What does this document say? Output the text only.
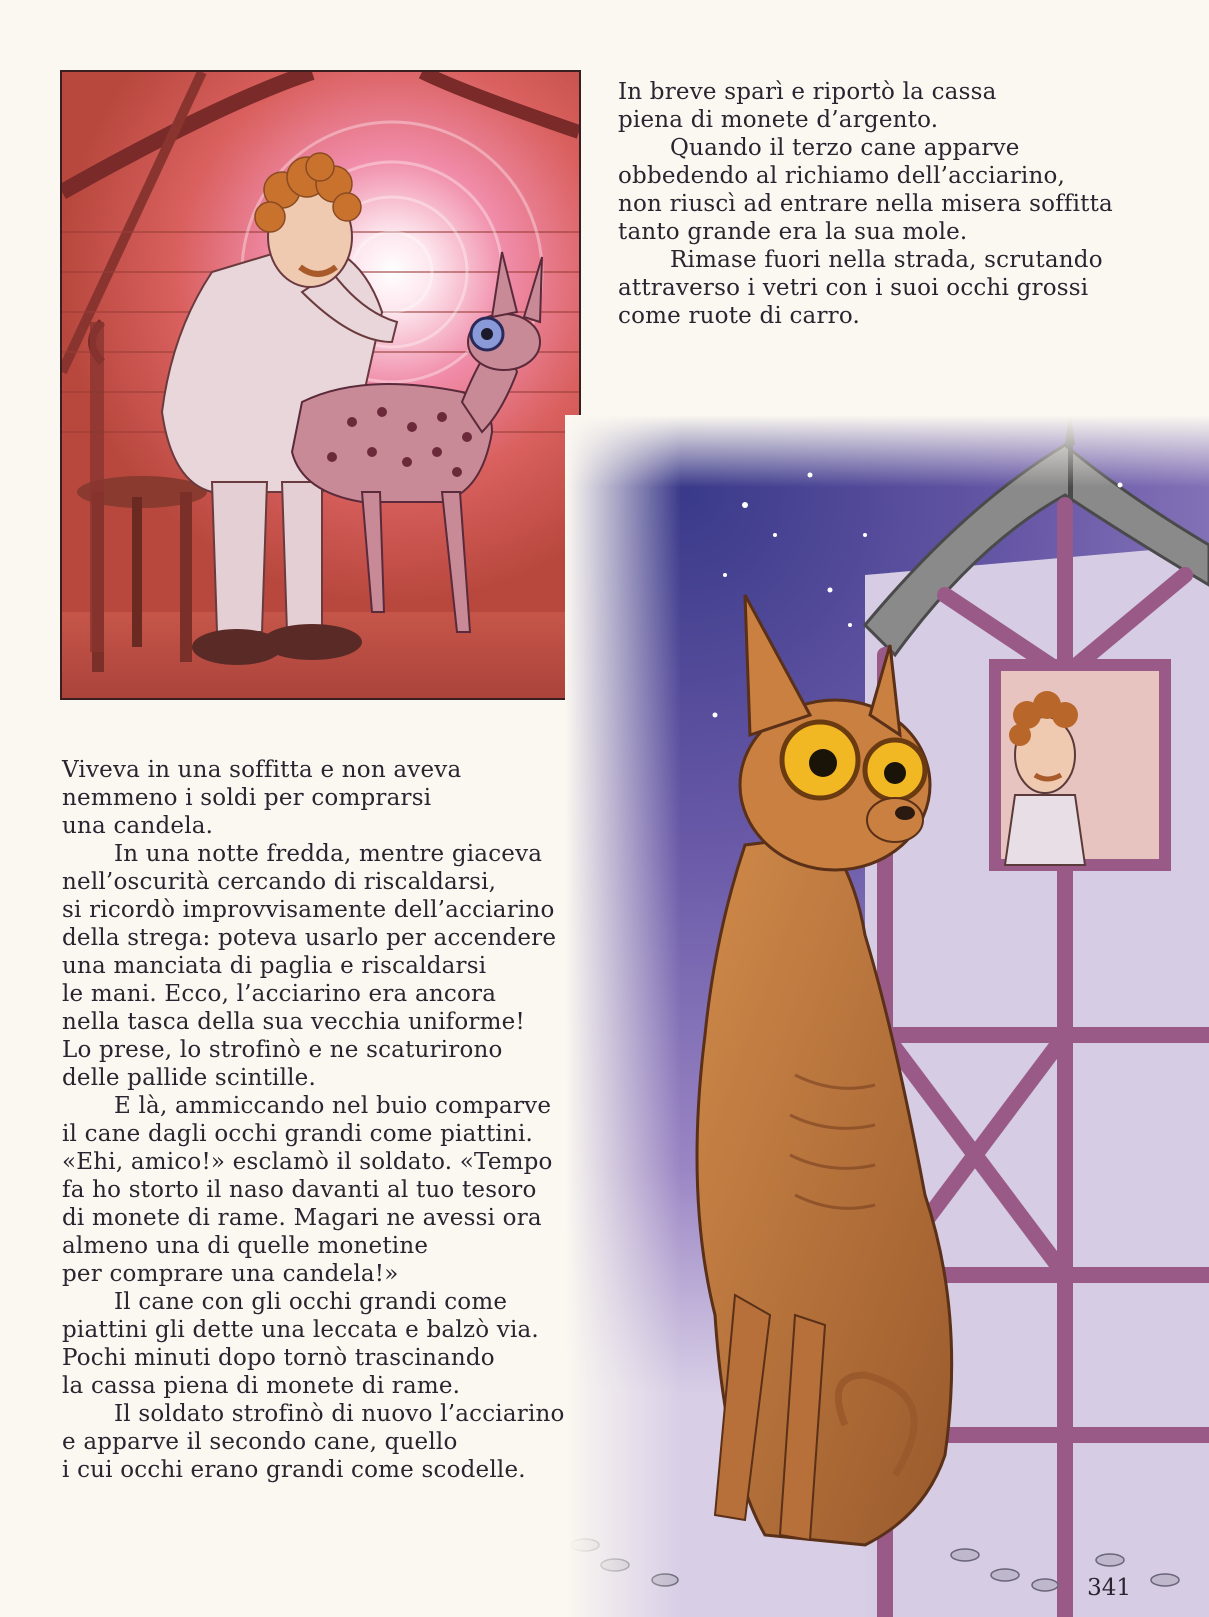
In breve sparì e riportò la cassa
piena di monete d’argento.

Quando il terzo cane apparve
obbedendo al richiamo dell’acciarino,
non riuscì ad entrare nella misera soffitta
tanto grande era la sua mole.

Rimase fuori nella strada, scrutando
attraverso i vetri con i suoi occhi grossi
come ruote di carro.

Viveva in una soffitta e non aveva
nemmeno i soldi per comprarsi
una candela.

In una notte fredda, mentre giaceva
nell’oscurità cercando di riscaldarsi,
si ricordò improvvisamente dell’acciarino
della strega: poteva usarlo per accendere
una manciata di paglia e riscaldarsi
le mani. Ecco, l’acciarino era ancora
nella tasca della sua vecchia uniforme!
Lo prese, lo strofinò e ne scaturirono
delle pallide scintille.

E là, ammiccando nel buio comparve
il cane dagli occhi grandi come piattini.
«Ehi, amico!» esclamò il soldato. «Tempo
fa ho storto il naso davanti al tuo tesoro
di monete di rame. Magari ne avessi ora
almeno una di quelle monetine
per comprare una candela!»

Il cane con gli occhi grandi come
piattini gli dette una leccata e balzò via.
Pochi minuti dopo tornò trascinando
la cassa piena di monete di rame.

Il soldato strofinò di nuovo l’acciarino
e apparve il secondo cane, quello
i cui occhi erano grandi come scodelle.

341
